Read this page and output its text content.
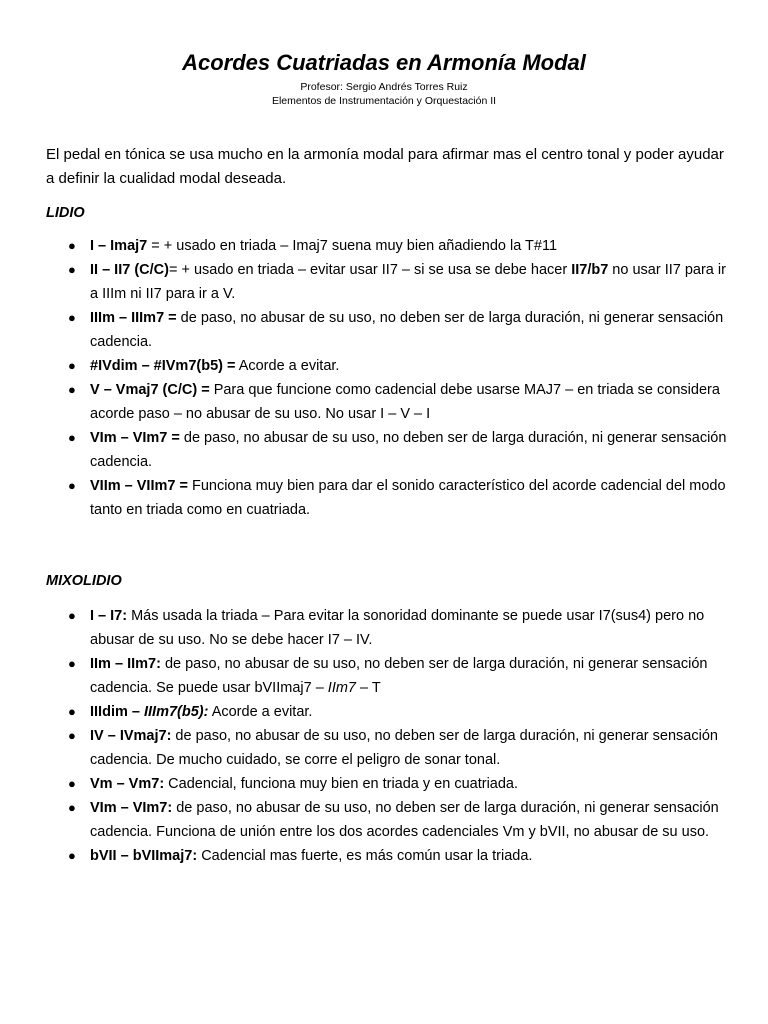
Acordes Cuatriadas en Armonía Modal
Profesor: Sergio Andrés Torres Ruiz
Elementos de Instrumentación y Orquestación II
El pedal en tónica se usa mucho en la armonía modal para afirmar mas el centro tonal y poder ayudar a definir la cualidad modal deseada.
LIDIO
● I – Imaj7 = + usado en triada – Imaj7 suena muy bien añadiendo la T#11
● II – II7 (C/C)= + usado en triada – evitar usar II7 – si se usa se debe hacer II7/b7 no usar II7 para ir a IIIm ni II7 para ir a V.
● IIIm – IIIm7 = de paso, no abusar de su uso, no deben ser de larga duración, ni generar sensación cadencia.
● #IVdim – #IVm7(b5) = Acorde a evitar.
● V – Vmaj7 (C/C) = Para que funcione como cadencial debe usarse MAJ7 – en triada se considera acorde paso – no abusar de su uso. No usar I – V – I
● VIm – VIm7 = de paso, no abusar de su uso, no deben ser de larga duración, ni generar sensación cadencia.
● VIIm – VIIm7 = Funciona muy bien para dar el sonido característico del acorde cadencial del modo tanto en triada como en cuatriada.
MIXOLIDIO
● I – I7: Más usada la triada – Para evitar la sonoridad dominante se puede usar I7(sus4) pero no abusar de su uso. No se debe hacer I7 – IV.
● IIm – IIm7: de paso, no abusar de su uso, no deben ser de larga duración, ni generar sensación cadencia. Se puede usar bVIImaj7 – IIm7 – T
● IIIdim – IIIm7(b5): Acorde a evitar.
● IV – IVmaj7: de paso, no abusar de su uso, no deben ser de larga duración, ni generar sensación cadencia. De mucho cuidado, se corre el peligro de sonar tonal.
● Vm – Vm7: Cadencial, funciona muy bien en triada y en cuatriada.
● VIm – VIm7: de paso, no abusar de su uso, no deben ser de larga duración, ni generar sensación cadencia. Funciona de unión entre los dos acordes cadenciales Vm y bVII, no abusar de su uso.
● bVII – bVIImaj7: Cadencial mas fuerte, es más común usar la triada.
